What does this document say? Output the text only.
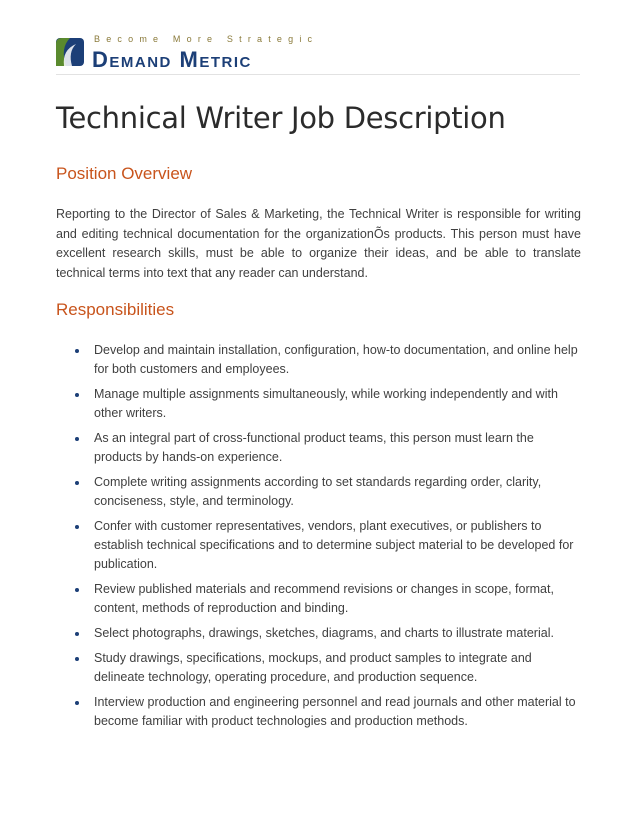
Become More Strategic
Demand Metric
Technical Writer Job Description
Position Overview

Reporting to the Director of Sales & Marketing, the Technical Writer is responsible for writing and editing technical documentation for the organizationÕs products. This person must have excellent research skills, must be able to organize their ideas, and be able to translate technical terms into text that any reader can understand.

Responsibilities
Develop and maintain installation, configuration, how-to documentation, and online help for both customers and employees.
Manage multiple assignments simultaneously, while working independently and with other writers.
As an integral part of cross-functional product teams, this person must learn the products by hands-on experience.
Complete writing assignments according to set standards regarding order, clarity, conciseness, style, and terminology.
Confer with customer representatives, vendors, plant executives, or publishers to establish technical specifications and to determine subject material to be developed for publication.
Review published materials and recommend revisions or changes in scope, format, content, methods of reproduction and binding.
Select photographs, drawings, sketches, diagrams, and charts to illustrate material.
Study drawings, specifications, mockups, and product samples to integrate and delineate technology, operating procedure, and production sequence.
Interview production and engineering personnel and read journals and other material to become familiar with product technologies and production methods.
